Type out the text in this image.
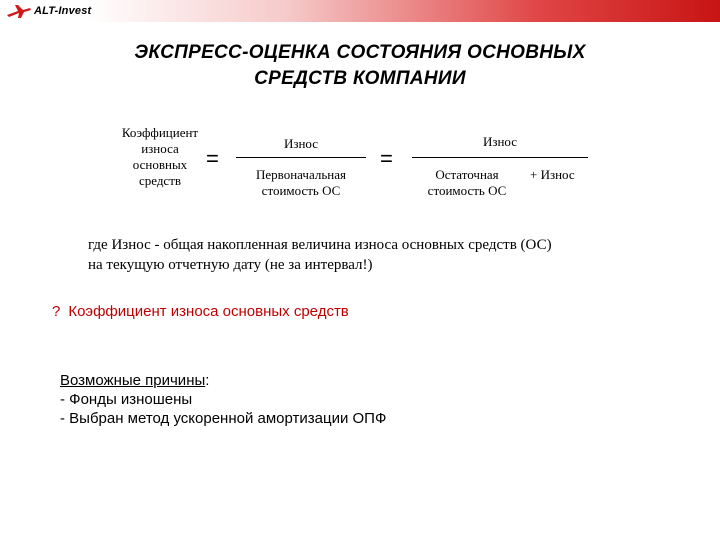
ALT-Invest
ЭКСПРЕСС-ОЦЕНКА СОСТОЯНИЯ ОСНОВНЫХ
СРЕДСТВ КОМПАНИИ
Коэффициент
износа
основных
средств
=
Износ
Первоначальная
стоимость ОС
=
Износ
Остаточная
стоимость ОС
+ Износ
где Износ - общая накопленная величина износа основных средств (ОС)
на текущую отчетную дату (не за интервал!)
? Коэффициент износа основных средств
Возможные причины:
- Фонды изношены
- Выбран метод ускоренной амортизации ОПФ
